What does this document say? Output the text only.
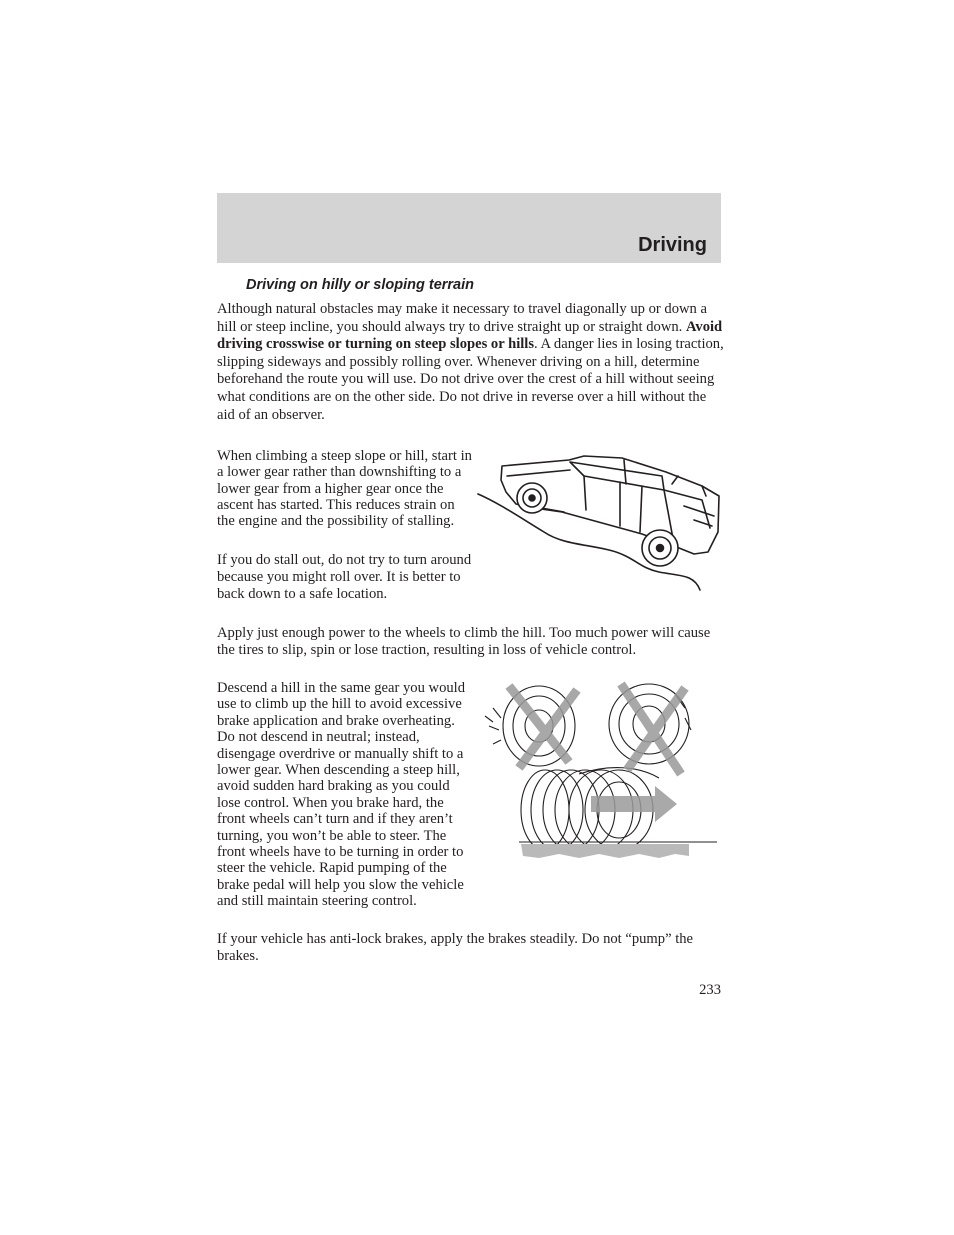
Driving
Driving on hilly or sloping terrain

Although natural obstacles may make it necessary to travel diagonally up or down a hill or steep incline, you should always try to drive straight up or straight down. Avoid driving crosswise or turning on steep slopes or hills. A danger lies in losing traction, slipping sideways and possibly rolling over. Whenever driving on a hill, determine beforehand the route you will use. Do not drive over the crest of a hill without seeing what conditions are on the other side. Do not drive in reverse over a hill without the aid of an observer.

When climbing a steep slope or hill, start in a lower gear rather than downshifting to a lower gear from a higher gear once the ascent has started. This reduces strain on the engine and the possibility of stalling.

If you do stall out, do not try to turn around because you might roll over. It is better to back down to a safe location.

Apply just enough power to the wheels to climb the hill. Too much power will cause the tires to slip, spin or lose traction, resulting in loss of vehicle control.

Descend a hill in the same gear you would use to climb up the hill to avoid excessive brake application and brake overheating. Do not descend in neutral; instead, disengage overdrive or manually shift to a lower gear. When descending a steep hill, avoid sudden hard braking as you could lose control. When you brake hard, the front wheels can’t turn and if they aren’t turning, you won’t be able to steer. The front wheels have to be turning in order to steer the vehicle. Rapid pumping of the brake pedal will help you slow the vehicle and still maintain steering control.

If your vehicle has anti-lock brakes, apply the brakes steadily. Do not “pump” the brakes.

233
